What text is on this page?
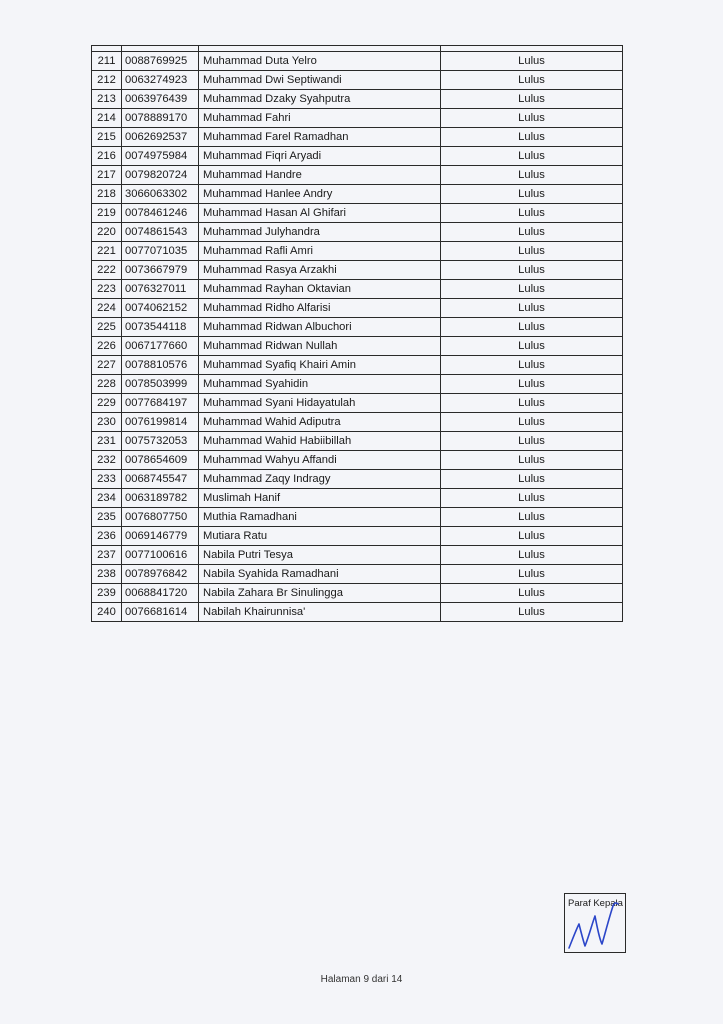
211	0088769925	Muhammad Duta Yelro	Lulus
212	0063274923	Muhammad Dwi Septiwandi	Lulus
213	0063976439	Muhammad Dzaky Syahputra	Lulus
214	0078889170	Muhammad Fahri	Lulus
215	0062692537	Muhammad Farel Ramadhan	Lulus
216	0074975984	Muhammad Fiqri Aryadi	Lulus
217	0079820724	Muhammad Handre	Lulus
218	3066063302	Muhammad Hanlee Andry	Lulus
219	0078461246	Muhammad Hasan Al Ghifari	Lulus
220	0074861543	Muhammad Julyhandra	Lulus
221	0077071035	Muhammad Rafli Amri	Lulus
222	0073667979	Muhammad Rasya Arzakhi	Lulus
223	0076327011	Muhammad Rayhan Oktavian	Lulus
224	0074062152	Muhammad Ridho Alfarisi	Lulus
225	0073544118	Muhammad Ridwan Albuchori	Lulus
226	0067177660	Muhammad Ridwan Nullah	Lulus
227	0078810576	Muhammad Syafiq Khairi Amin	Lulus
228	0078503999	Muhammad Syahidin	Lulus
229	0077684197	Muhammad Syani Hidayatulah	Lulus
230	0076199814	Muhammad Wahid Adiputra	Lulus
231	0075732053	Muhammad Wahid Habiibillah	Lulus
232	0078654609	Muhammad Wahyu Affandi	Lulus
233	0068745547	Muhammad Zaqy Indragy	Lulus
234	0063189782	Muslimah Hanif	Lulus
235	0076807750	Muthia Ramadhani	Lulus
236	0069146779	Mutiara Ratu	Lulus
237	0077100616	Nabila Putri Tesya	Lulus
238	0078976842	Nabila Syahida Ramadhani	Lulus
239	0068841720	Nabila Zahara Br Sinulingga	Lulus
240	0076681614	Nabilah Khairunnisa'	Lulus
Paraf Kepala
Halaman 9 dari 14
